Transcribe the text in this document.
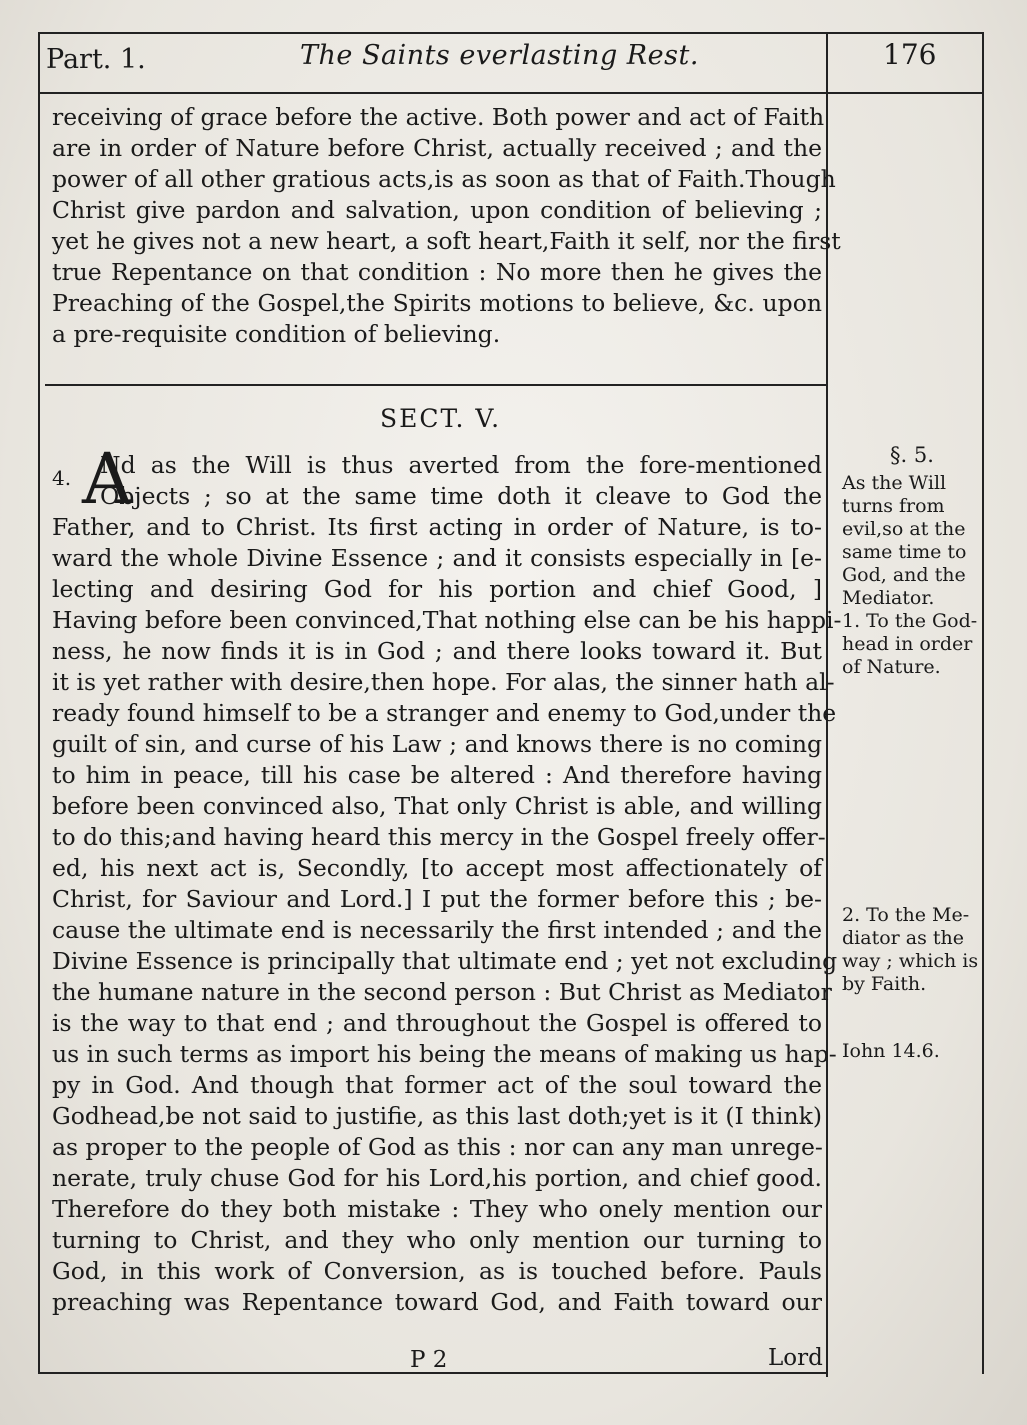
Part. 1.	The Saints everlasting Rest.	176
receiving of grace before the active. Both power and act of Faith
are in order of Nature before Christ, actually received ; and the
power of all other gratious acts,is as soon as that of Faith.Though
Christ give pardon and salvation, upon condition of believing ;
yet he gives not a new heart, a soft heart,Faith it self, nor the first
true Repentance on that condition : No more then he gives the
Preaching of the Gospel,the Spirits motions to believe, &c. upon
a pre-requisite condition of believing.
SECT. V.
4. A
Nd as the Will is thus averted from the fore-mentioned
Objects ; so at the same time doth it cleave to God the
Father, and to Christ. Its first acting in order of Nature, is to-
ward the whole Divine Essence ; and it consists especially in [e-
lecting and desiring God for his portion and chief Good, ]
Having before been convinced,That nothing else can be his happi-
ness, he now finds it is in God ; and there looks toward it. But
it is yet rather with desire,then hope. For alas, the sinner hath al-
ready found himself to be a stranger and enemy to God,under the
guilt of sin, and curse of his Law ; and knows there is no coming
to him in peace, till his case be altered : And therefore having
before been convinced also, That only Christ is able, and willing
to do this;and having heard this mercy in the Gospel freely offer-
ed, his next act is, Secondly, [to accept most affectionately of
Christ, for Saviour and Lord.] I put the former before this ; be-
cause the ultimate end is necessarily the first intended ; and the
Divine Essence is principally that ultimate end ; yet not excluding
the humane nature in the second person : But Christ as Mediator
is the way to that end ; and throughout the Gospel is offered to
us in such terms as import his being the means of making us hap-
py in God. And though that former act of the soul toward the
Godhead,be not said to justifie, as this last doth;yet is it (I think)
as proper to the people of God as this : nor can any man unrege-
nerate, truly chuse God for his Lord,his portion, and chief good.
Therefore do they both mistake : They who onely mention our
turning to Christ, and they who only mention our turning to
God, in this work of Conversion, as is touched before. Pauls
preaching was Repentance toward God, and Faith toward our
§. 5.
As the Will
turns from
evil,so at the
same time to
God, and the
Mediator.
1. To the God-
head in order
of Nature.
2. To the Me-
diator as the
way ; which is
by Faith.
Iohn 14.6.
P 2	Lord
